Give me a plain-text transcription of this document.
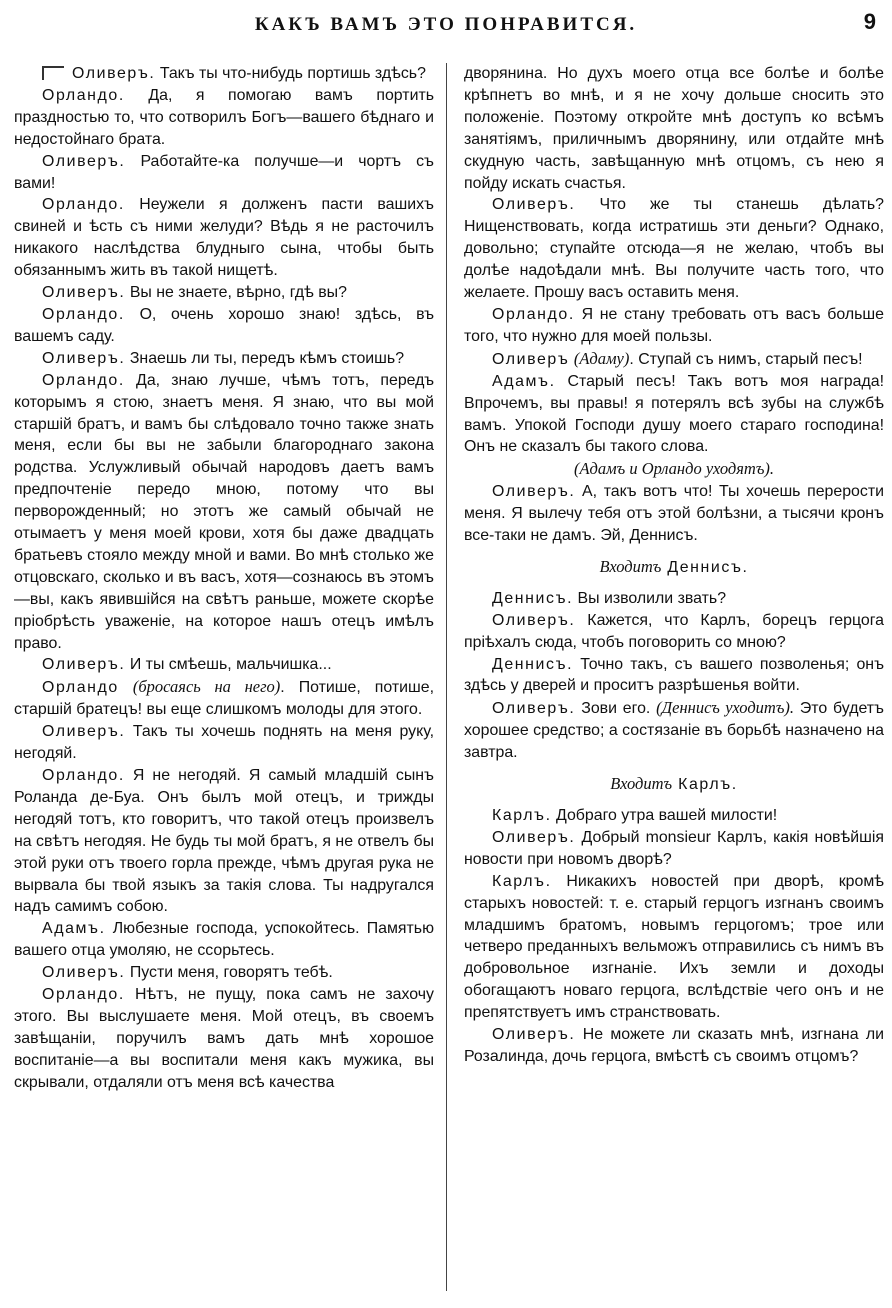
КАКЪ ВАМЪ ЭТО ПОНРАВИТСЯ.	9

Оливеръ. Такъ ты что-нибудь портишь здѣсь?

Орландо. Да, я помогаю вамъ портить праздностью то, что сотворилъ Богъ—вашего бѣднаго и недостойнаго брата.

Оливеръ. Работайте-ка получше—и чортъ съ вами!

Орландо. Неужели я долженъ пасти вашихъ свиней и ѣсть съ ними желуди? Вѣдь я не расточилъ никакого наслѣдства блудныго сына, чтобы быть обязаннымъ жить въ такой нищетѣ.

Оливеръ. Вы не знаете, вѣрно, гдѣ вы?

Орландо. О, очень хорошо знаю! здѣсь, въ вашемъ саду.

Оливеръ. Знаешь ли ты, передъ кѣмъ стоишь?

Орландо. Да, знаю лучше, чѣмъ тотъ, передъ которымъ я стою, знаетъ меня. Я знаю, что вы мой старшій братъ, и вамъ бы слѣдовало точно также знать меня, если бы вы не забыли благороднаго закона родства. Услужливый обычай народовъ даетъ вамъ предпочтеніе передо мною, потому что вы перворожденный; но этотъ же самый обычай не отымаетъ у меня моей крови, хотя бы даже двадцать братьевъ стояло между мной и вами. Во мнѣ столько же отцовскаго, сколько и въ васъ, хотя—сознаюсь въ этомъ—вы, какъ явившійся на свѣтъ раньше, можете скорѣе пріобрѣсть уваженіе, на которое нашъ отецъ имѣлъ право.

Оливеръ. И ты смѣешь, мальчишка...

Орландо (бросаясь на него). Потише, потише, старшій братецъ! вы еще слишкомъ молоды для этого.

Оливеръ. Такъ ты хочешь поднять на меня руку, негодяй.

Орландо. Я не негодяй. Я самый младшій сынъ Роланда де-Буа. Онъ былъ мой отецъ, и трижды негодяй тотъ, кто говоритъ, что такой отецъ произвелъ на свѣтъ негодяя. Не будь ты мой братъ, я не отвелъ бы этой руки отъ твоего горла прежде, чѣмъ другая рука не вырвала бы твой языкъ за такія слова. Ты надругался надъ самимъ собою.

Адамъ. Любезные господа, успокойтесь. Памятью вашего отца умоляю, не ссорьтесь.

Оливеръ. Пусти меня, говорятъ тебѣ.

Орландо. Нѣтъ, не пущу, пока самъ не захочу этого. Вы выслушаете меня. Мой отецъ, въ своемъ завѣщаніи, поручилъ вамъ дать мнѣ хорошое воспитаніе—а вы воспитали меня какъ мужика, вы скрывали, отдаляли отъ меня всѣ качества

дворянина. Но духъ моего отца все болѣе и болѣе крѣпнетъ во мнѣ, и я не хочу дольше сносить это положеніе. Поэтому откройте мнѣ доступъ ко всѣмъ занятіямъ, приличнымъ дворянину, или отдайте мнѣ скудную часть, завѣщанную мнѣ отцомъ, съ нею я пойду искать счастья.

Оливеръ. Что же ты станешь дѣлать? Нищенствовать, когда истратишь эти деньги? Однако, довольно; ступайте отсюда—я не желаю, чтобъ вы долѣе надоѣдали мнѣ. Вы получите часть того, что желаете. Прошу васъ оставить меня.

Орландо. Я не стану требовать отъ васъ больше того, что нужно для моей пользы.

Оливеръ (Адаму). Ступай съ нимъ, старый песъ!

Адамъ. Старый песъ! Такъ вотъ моя награда! Впрочемъ, вы правы! я потерялъ всѣ зубы на службѣ вамъ. Упокой Господи душу моего стараго господина! Онъ не сказалъ бы такого слова.

(Адамъ и Орландо уходятъ).

Оливеръ. А, такъ вотъ что! Ты хочешь перерости меня. Я вылечу тебя отъ этой болѣзни, а тысячи кронъ все-таки не дамъ. Эй, Деннисъ.

Входитъ Деннисъ.

Деннисъ. Вы изволили звать?

Оливеръ. Кажется, что Карлъ, борецъ герцога пріѣхалъ сюда, чтобъ поговорить со мною?

Деннисъ. Точно такъ, съ вашего позволенья; онъ здѣсь у дверей и проситъ разрѣшенья войти.

Оливеръ. Зови его. (Деннисъ уходитъ). Это будетъ хорошее средство; а состязаніе въ борьбѣ назначено на завтра.

Входитъ Карлъ.

Карлъ. Добраго утра вашей милости!

Оливеръ. Добрый monsieur Карлъ, какія новѣйшія новости при новомъ дворѣ?

Карлъ. Никакихъ новостей при дворѣ, кромѣ старыхъ новостей: т. е. старый герцогъ изгнанъ своимъ младшимъ братомъ, новымъ герцогомъ; трое или четверо преданныхъ вельможъ отправились съ нимъ въ добровольное изгнаніе. Ихъ земли и доходы обогащаютъ новаго герцога, вслѣдствіе чего онъ и не препятствуетъ имъ странствовать.

Оливеръ. Не можете ли сказать мнѣ, изгнана ли Розалинда, дочь герцога, вмѣстѣ съ своимъ отцомъ?
